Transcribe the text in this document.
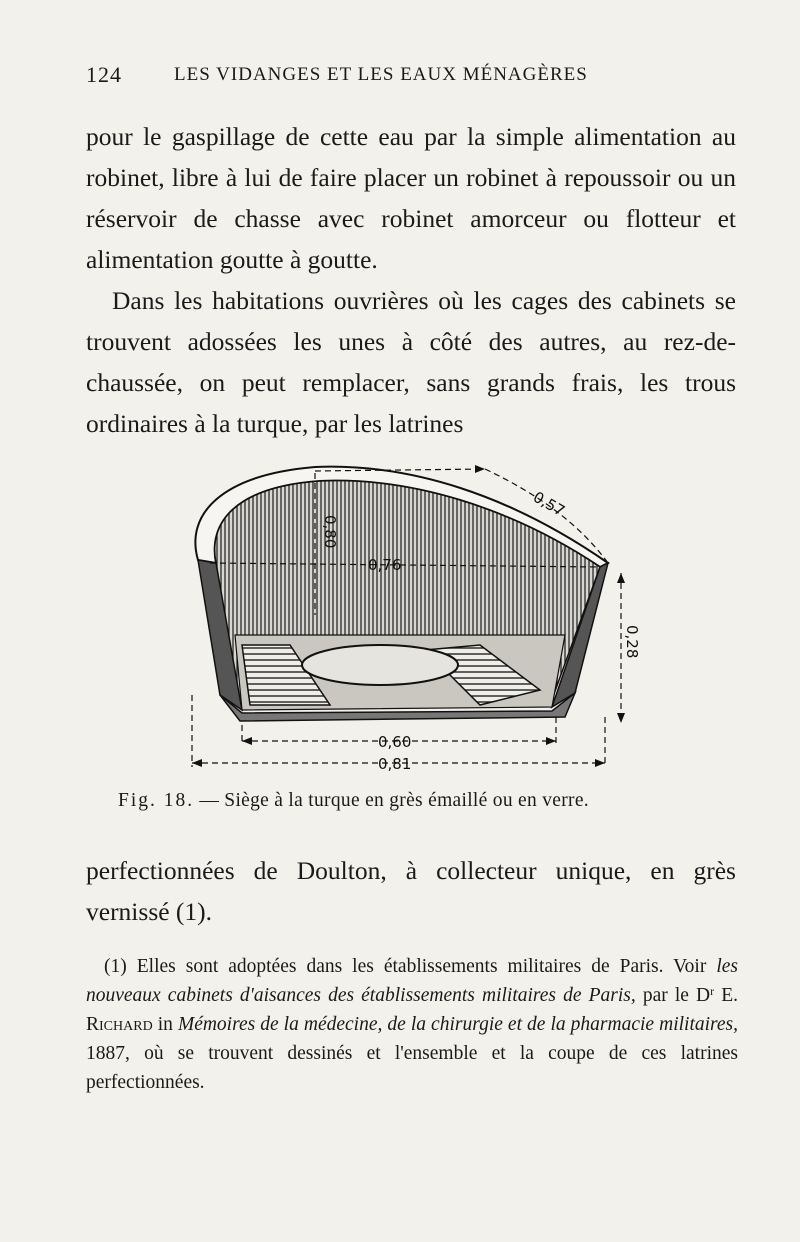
124	LES VIDANGES ET LES EAUX MÉNAGÈRES

pour le gaspillage de cette eau par la simple alimentation au robinet, libre à lui de faire placer un robinet à repoussoir ou un réservoir de chasse avec robinet amorceur ou flotteur et alimentation goutte à goutte.

Dans les habitations ouvrières où les cages des cabinets se trouvent adossées les unes à côté des autres, au rez-de-chaussée, on peut remplacer, sans grands frais, les trous ordinaires à la turque, par les latrines

0,80
0,76
0,57
0,28
0,60
0,81
Fig. 18. — Siège à la turque en grès émaillé ou en verre.

perfectionnées de Doulton, à collecteur unique, en grès vernissé (1).

(1) Elles sont adoptées dans les établissements militaires de Paris. Voir les nouveaux cabinets d'aisances des établissements militaires de Paris, par le $D^r$ E. Richard in Mémoires de la médecine, de la chirurgie et de la pharmacie militaires, 1887, où se trouvent dessinés et l'ensemble et la coupe de ces latrines perfectionnées.
